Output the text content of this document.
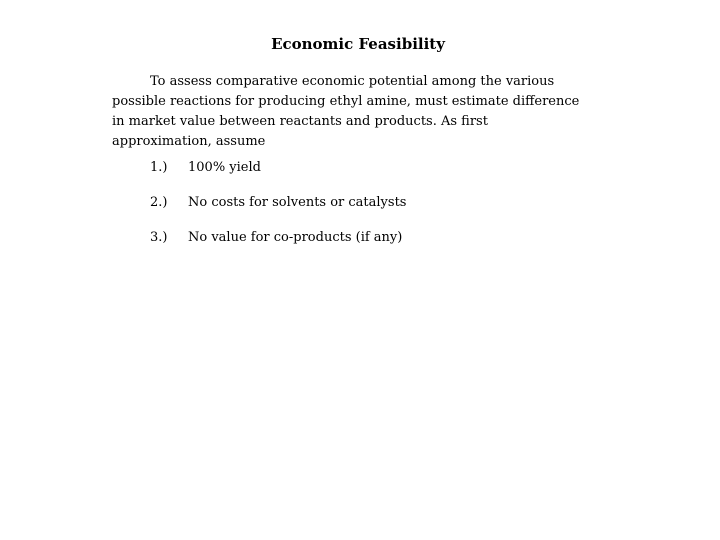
Economic Feasibility

To assess comparative economic potential among the various
possible reactions for producing ethyl amine, must estimate difference
in market value between reactants and products. As first
approximation, assume

1.)	100% yield
2.)	No costs for solvents or catalysts
3.)	No value for co-products (if any)
